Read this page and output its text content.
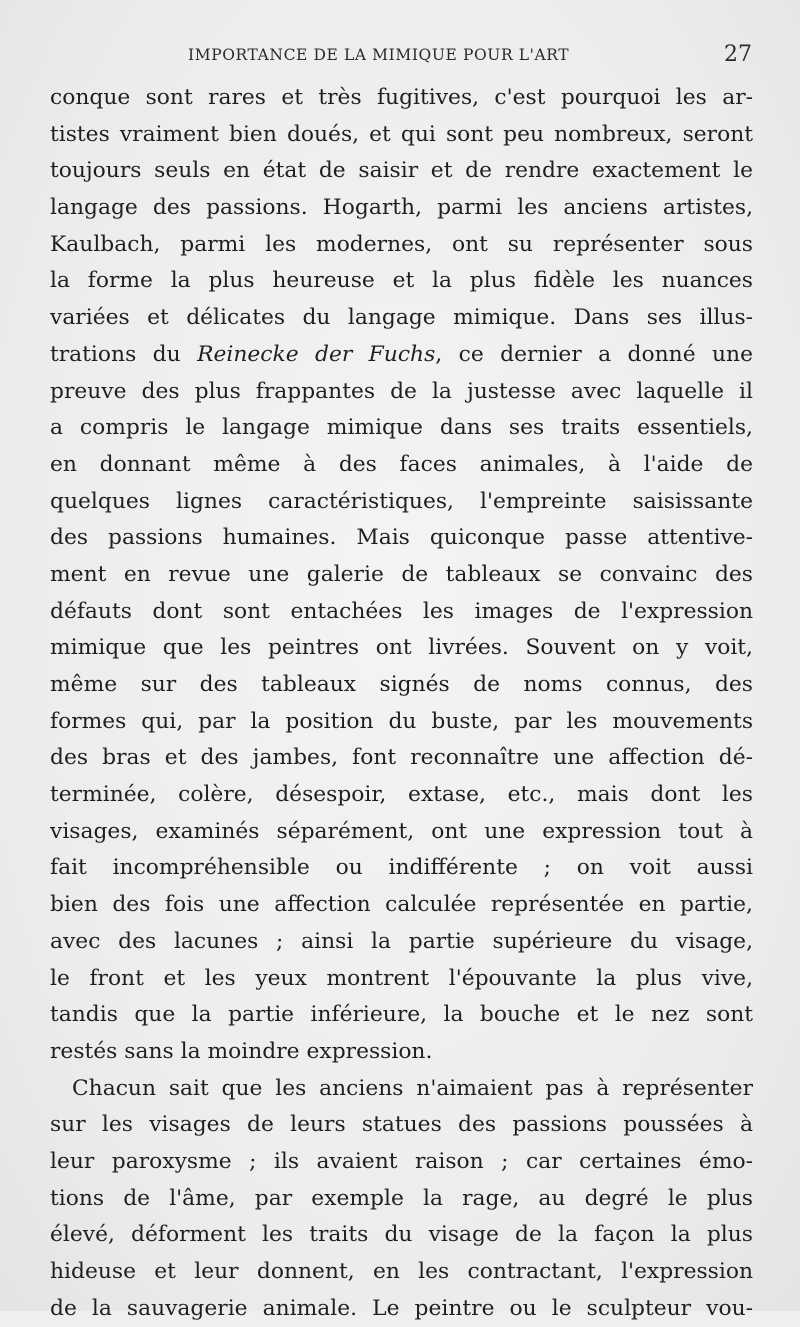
IMPORTANCE DE LA MIMIQUE POUR L'ART	27
conque sont rares et très fugitives, c'est pourquoi les ar-
tistes vraiment bien doués, et qui sont peu nombreux, seront
toujours seuls en état de saisir et de rendre exactement le
langage des passions. Hogarth, parmi les anciens artistes,
Kaulbach, parmi les modernes, ont su représenter sous
la forme la plus heureuse et la plus fidèle les nuances
variées et délicates du langage mimique. Dans ses illus-
trations du Reinecke der Fuchs, ce dernier a donné une
preuve des plus frappantes de la justesse avec laquelle il
a compris le langage mimique dans ses traits essentiels,
en donnant même à des faces animales, à l'aide de
quelques lignes caractéristiques, l'empreinte saisissante
des passions humaines. Mais quiconque passe attentive-
ment en revue une galerie de tableaux se convainc des
défauts dont sont entachées les images de l'expression
mimique que les peintres ont livrées. Souvent on y voit,
même sur des tableaux signés de noms connus, des
formes qui, par la position du buste, par les mouvements
des bras et des jambes, font reconnaître une affection dé-
terminée, colère, désespoir, extase, etc., mais dont les
visages, examinés séparément, ont une expression tout à
fait incompréhensible ou indifférente ; on voit aussi
bien des fois une affection calculée représentée en partie,
avec des lacunes ; ainsi la partie supérieure du visage,
le front et les yeux montrent l'épouvante la plus vive,
tandis que la partie inférieure, la bouche et le nez sont
restés sans la moindre expression.
Chacun sait que les anciens n'aimaient pas à représenter
sur les visages de leurs statues des passions poussées à
leur paroxysme ; ils avaient raison ; car certaines émo-
tions de l'âme, par exemple la rage, au degré le plus
élevé, déforment les traits du visage de la façon la plus
hideuse et leur donnent, en les contractant, l'expression
de la sauvagerie animale. Le peintre ou le sculpteur vou-
